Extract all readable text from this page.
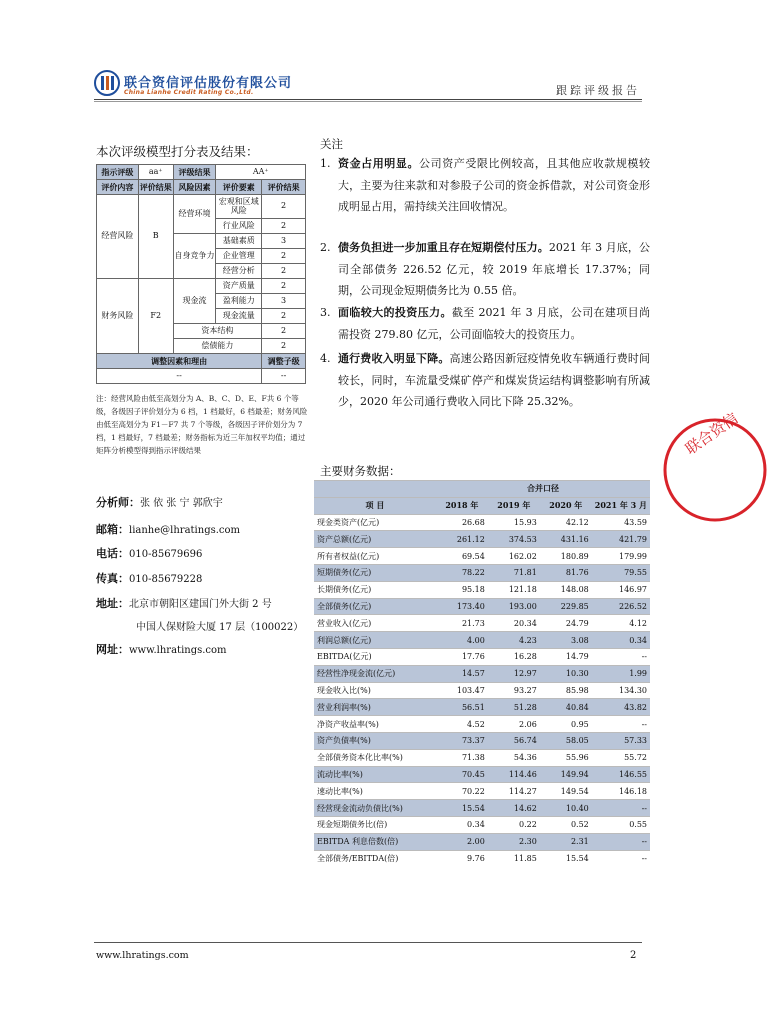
联合资信评估股份有限公司
China Lianhe Credit Rating Co.,Ltd.	跟踪评级报告
本次评级模型打分表及结果：
指示评级	aa⁺	评级结果	AA⁺	
评价内容	评价结果	风险因素	评价要素	评价结果
经营风险	B	经营环境	宏观和区域风险	2
			行业风险	2
		自身竞争力	基础素质	3
			企业管理	2
			经营分析	2
财务风险	F2	现金流	资产质量	2
			盈利能力	3
			现金流量	2
		资本结构		2
		偿债能力		2
调整因素和理由				调整子级
--				--
注：经营风险由低至高划分为 A、B、C、D、E、F共 6 个等级，各级因子评价划分为 6 档，1 档最好，6 档最差；财务风险由低至高划分为 F1－F7 共 7 个等级，各级因子评价划分为 7 档，1 档最好，7 档最差；财务指标为近三年加权平均值；通过矩阵分析模型得到指示评级结果
分析师：张 依 张 宁 郭欣宇
邮箱：lianhe@lhratings.com
电话：010-85679696
传真：010-85679228
地址：北京市朝阳区建国门外大街 2 号
中国人保财险大厦 17 层（100022）
网址：www.lhratings.com
关注
1. 资金占用明显。公司资产受限比例较高，且其他应收款规模较大，主要为往来款和对参股子公司的资金拆借款，对公司资金形成明显占用，需持续关注回收情况。
2. 债务负担进一步加重且存在短期偿付压力。2021 年 3 月底，公司全部债务 226.52 亿元，较 2019 年底增长 17.37%；同期，公司现金短期债务比为 0.55 倍。
3. 面临较大的投资压力。截至 2021 年 3 月底，公司在建项目尚需投资 279.80 亿元，公司面临较大的投资压力。
4. 通行费收入明显下降。高速公路因新冠疫情免收车辆通行费时间较长，同时，车流量受煤矿停产和煤炭货运结构调整影响有所减少，2020 年公司通行费收入同比下降 25.32%。
主要财务数据：
	合并口径			
项 目	2018 年	2019 年	2020 年	2021 年 3 月
现金类资产(亿元)	26.68	15.93	42.12	43.59
资产总额(亿元)	261.12	374.53	431.16	421.79
所有者权益(亿元)	69.54	162.02	180.89	179.99
短期债务(亿元)	78.22	71.81	81.76	79.55
长期债务(亿元)	95.18	121.18	148.08	146.97
全部债务(亿元)	173.40	193.00	229.85	226.52
营业收入(亿元)	21.73	20.34	24.79	4.12
利润总额(亿元)	4.00	4.23	3.08	0.34
EBITDA(亿元)	17.76	16.28	14.79	--
经营性净现金流(亿元)	14.57	12.97	10.30	1.99
现金收入比(%)	103.47	93.27	85.98	134.30
营业利润率(%)	56.51	51.28	40.84	43.82
净资产收益率(%)	4.52	2.06	0.95	--
资产负债率(%)	73.37	56.74	58.05	57.33
全部债务资本化比率(%)	71.38	54.36	55.96	55.72
流动比率(%)	70.45	114.46	149.94	146.55
速动比率(%)	70.22	114.27	149.54	146.18
经营现金流动负债比(%)	15.54	14.62	10.40	--
现金短期债务比(倍)	0.34	0.22	0.52	0.55
EBITDA 利息倍数(倍)	2.00	2.30	2.31	--
全部债务/EBITDA(倍)	9.76	11.85	15.54	--
联合资信
www.lhratings.com	2
